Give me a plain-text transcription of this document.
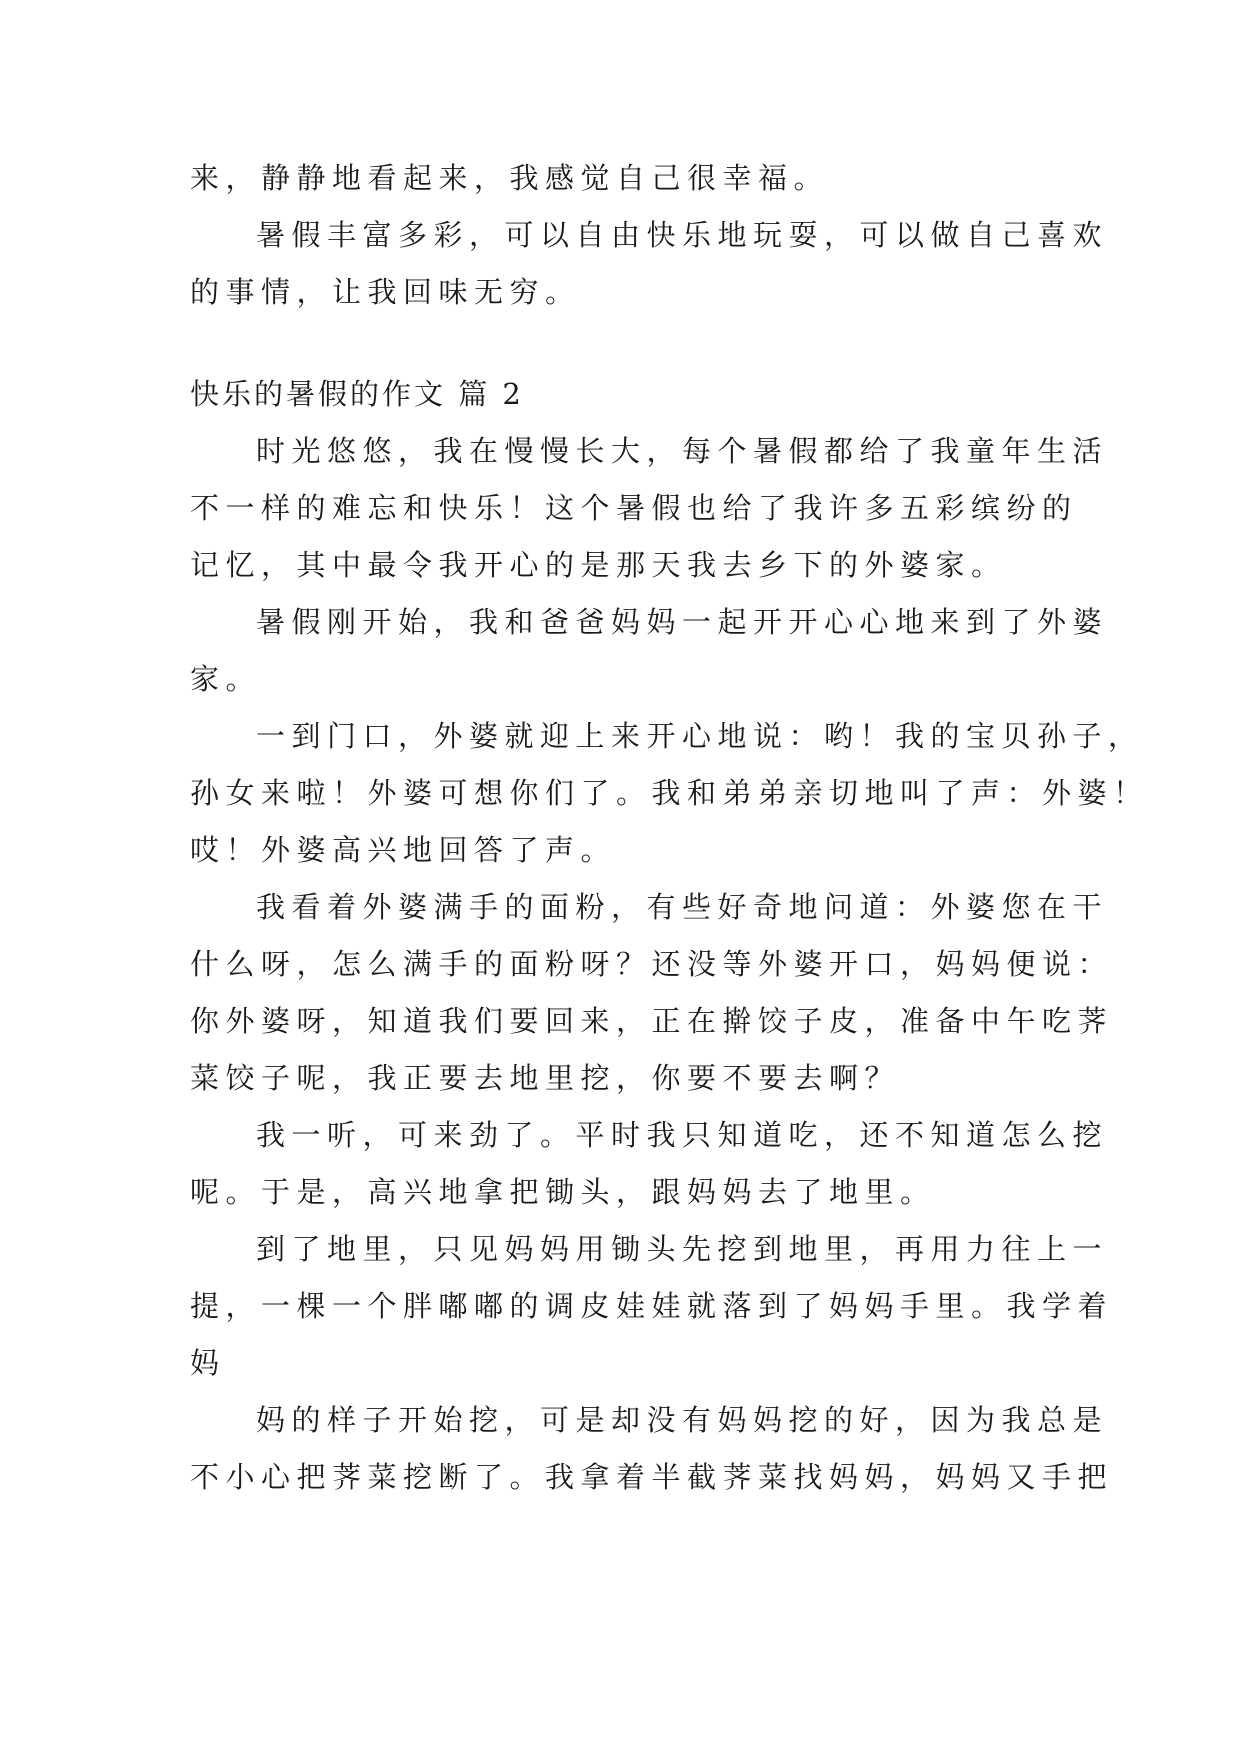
来，静静地看起来，我感觉自己很幸福。
暑假丰富多彩，可以自由快乐地玩耍，可以做自己喜欢
的事情，让我回味无穷。
快乐的暑假的作文 篇 2
时光悠悠，我在慢慢长大，每个暑假都给了我童年生活
不一样的难忘和快乐！这个暑假也给了我许多五彩缤纷的
记忆，其中最令我开心的是那天我去乡下的外婆家。
暑假刚开始，我和爸爸妈妈一起开开心心地来到了外婆
家。
一到门口，外婆就迎上来开心地说：哟！我的宝贝孙子，
孙女来啦！外婆可想你们了。我和弟弟亲切地叫了声：外婆！
哎！外婆高兴地回答了声。
我看着外婆满手的面粉，有些好奇地问道：外婆您在干
什么呀，怎么满手的面粉呀？还没等外婆开口，妈妈便说：
你外婆呀，知道我们要回来，正在擀饺子皮，准备中午吃荠
菜饺子呢，我正要去地里挖，你要不要去啊？
我一听，可来劲了。平时我只知道吃，还不知道怎么挖
呢。于是，高兴地拿把锄头，跟妈妈去了地里。
到了地里，只见妈妈用锄头先挖到地里，再用力往上一
提，一棵一个胖嘟嘟的调皮娃娃就落到了妈妈手里。我学着
妈
妈的样子开始挖，可是却没有妈妈挖的好，因为我总是
不小心把荠菜挖断了。我拿着半截荠菜找妈妈，妈妈又手把
